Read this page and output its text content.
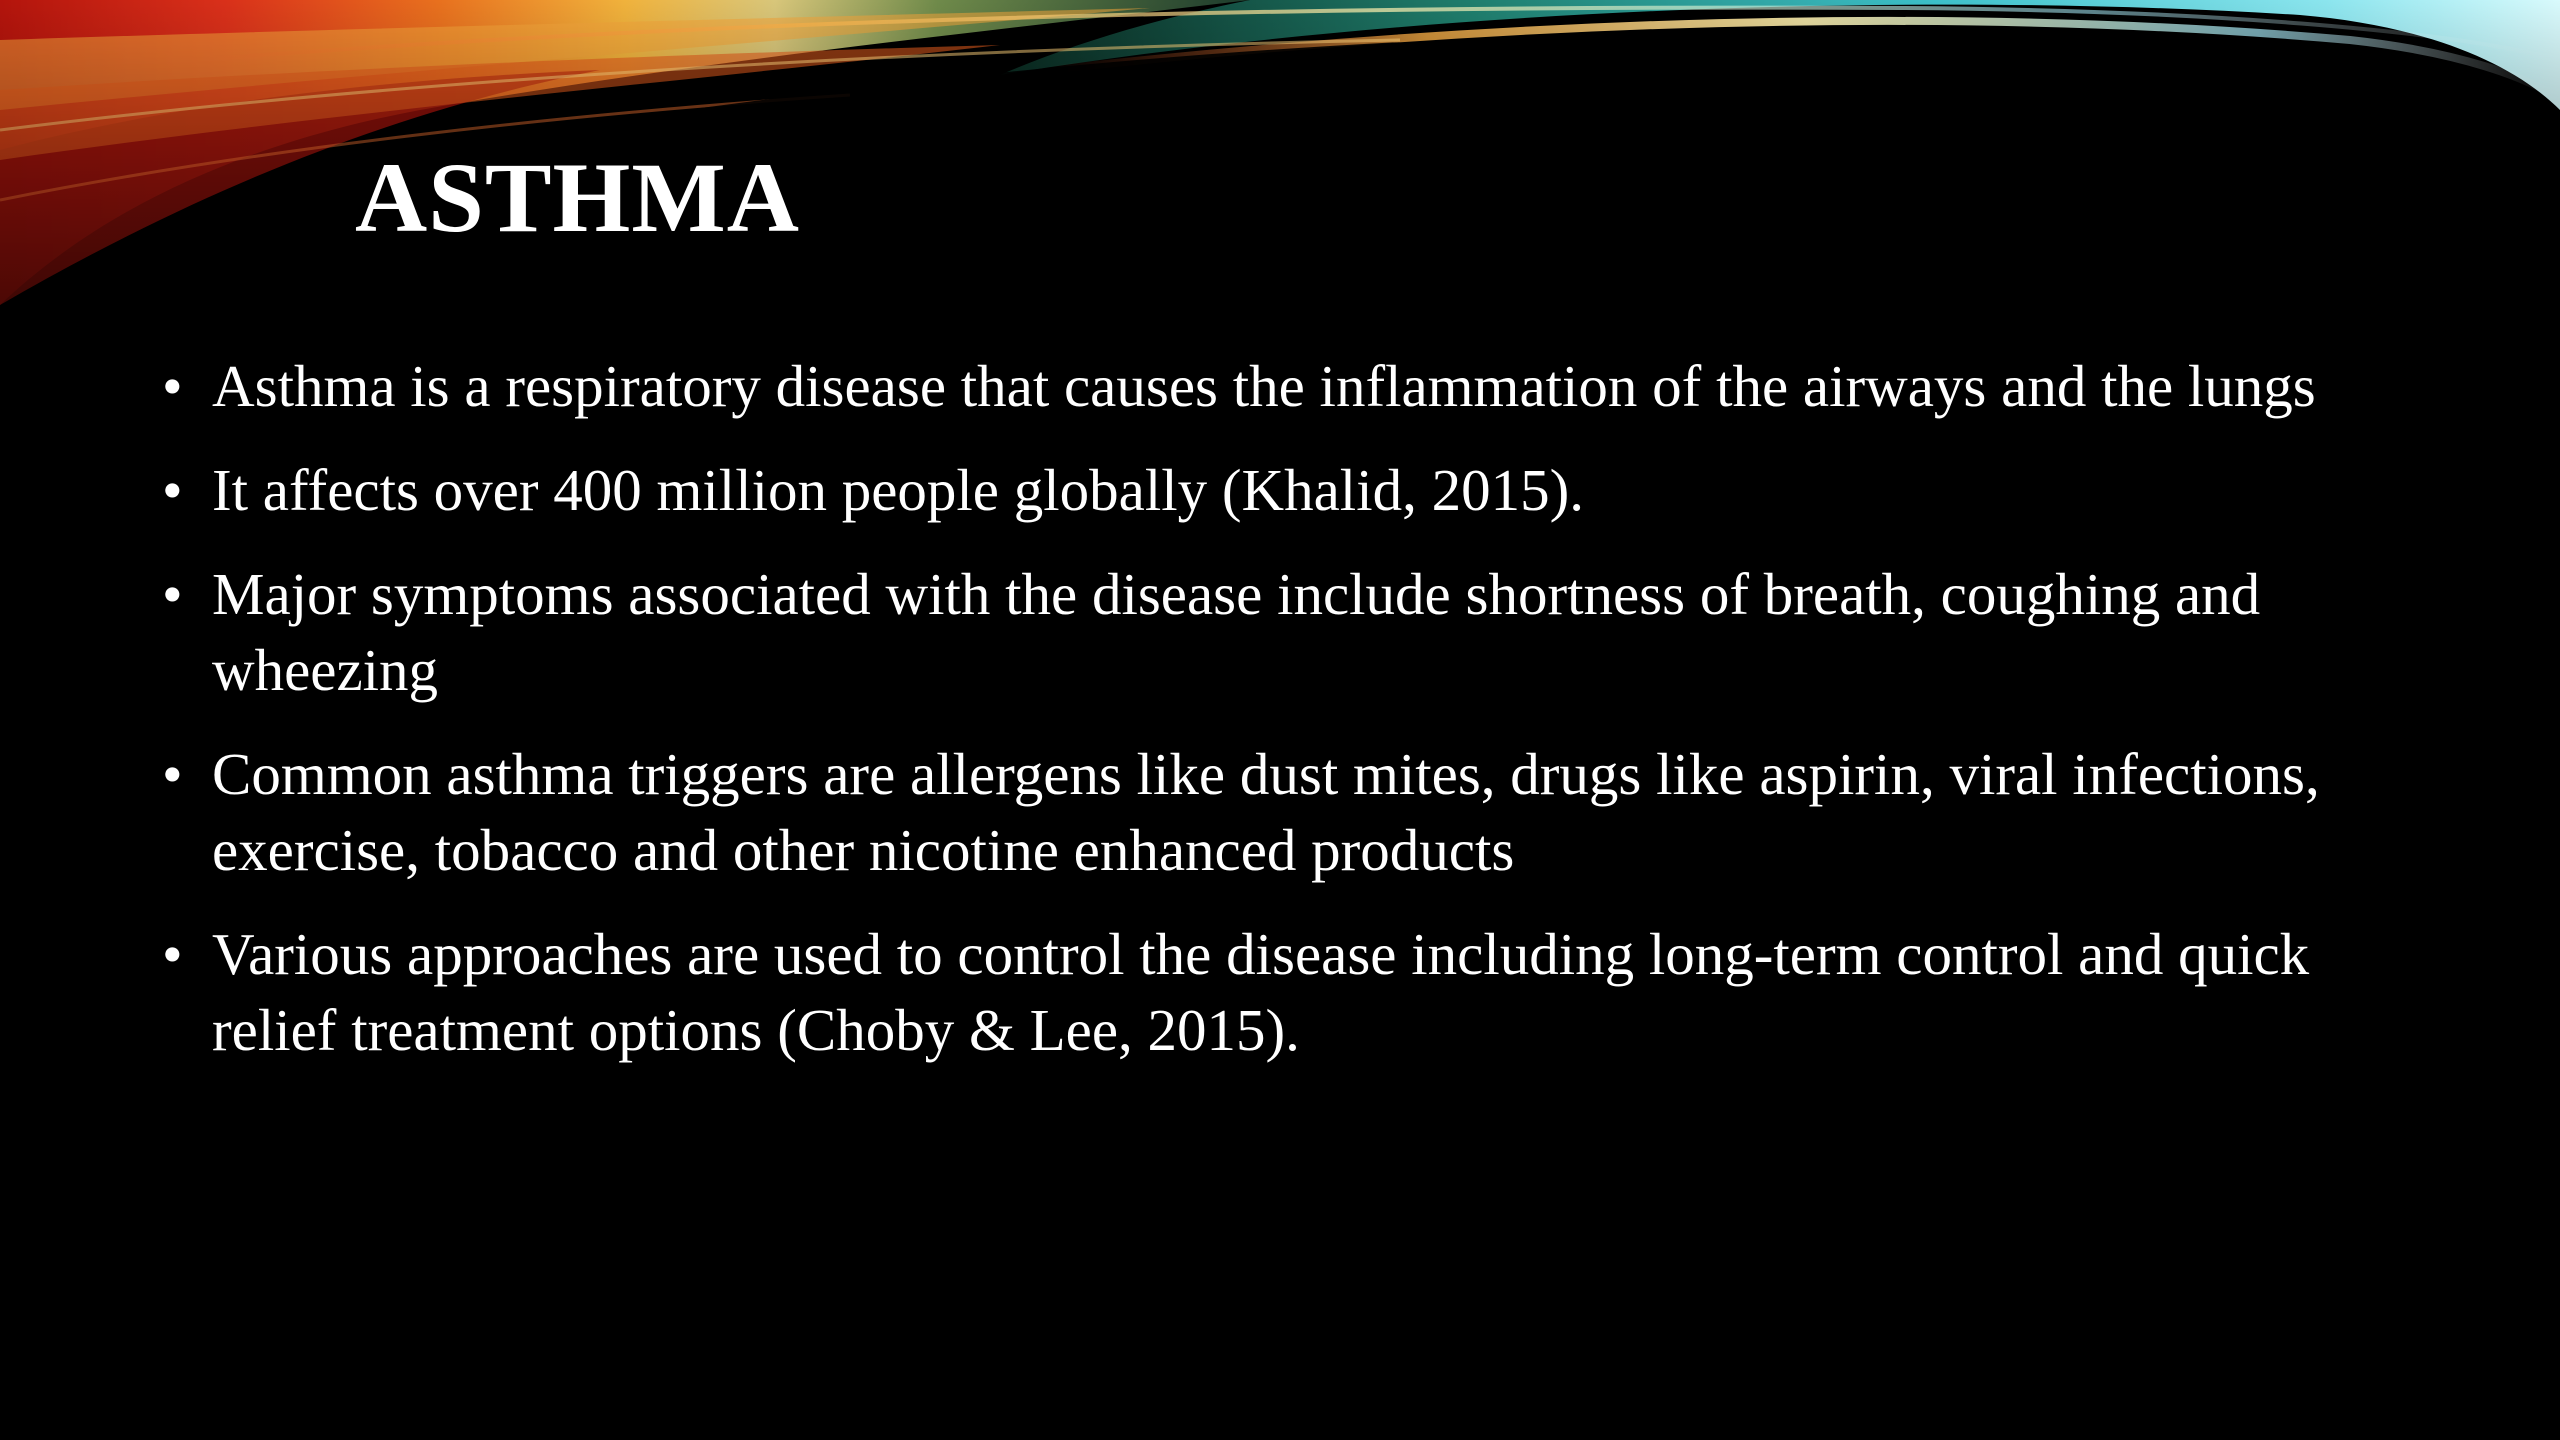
ASTHMA
• Asthma is a respiratory disease that causes the inflammation of the airways and the lungs
• It affects over 400 million people globally (Khalid, 2015).
• Major symptoms associated with the disease include shortness of breath, coughing and wheezing
• Common asthma triggers are allergens like dust mites, drugs like aspirin, viral infections, exercise, tobacco and other nicotine enhanced products
• Various approaches are used to control the disease including long-term control and quick relief treatment options (Choby & Lee, 2015).
